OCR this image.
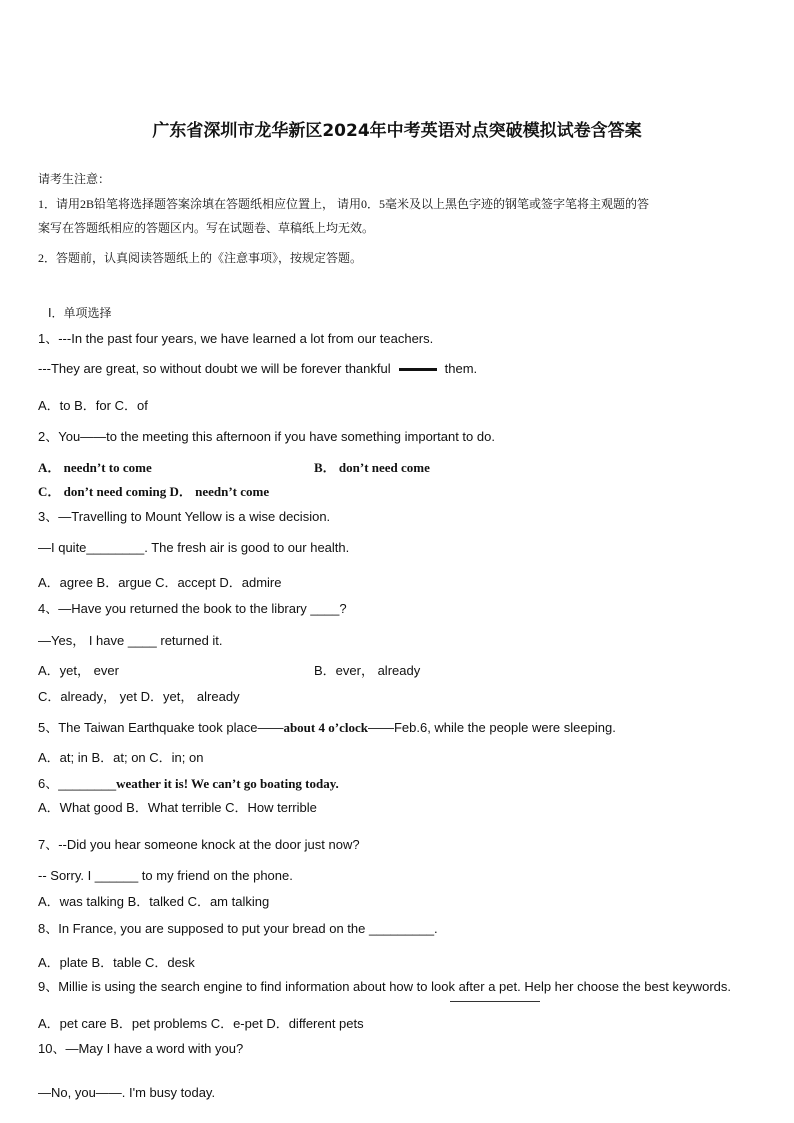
广东省深圳市龙华新区2024年中考英语对点突破模拟试卷含答案
请考生注意：
1．请用2B铅笔将选择题答案涂填在答题纸相应位置上， 请用0．5毫米及以上黑色字迹的钢笔或签字笔将主观题的答
案写在答题纸相应的答题区内。写在试题卷、草稿纸上均无效。
2．答题前，认真阅读答题纸上的《注意事项》，按规定答题。
Ⅰ．单项选择
1、---In the past four years, we have learned a lot from our teachers.
---They are great, so without doubt we will be forever thankful	them.
A．to B．for C．of
2、You——to the meeting this afternoon if you have something important to do.
A． needn’t to come	B． don’t need come
C． don’t need coming D． needn’t come
3、—Travelling to Mount Yellow is a wise decision.
—I quite________. The fresh air is good to our health.
A．agree B．argue C．accept D．admire
4、—Have you returned the book to the library ____?
—Yes， I have ____ returned it.
A．yet， ever	B．ever， already
C．already， yet D．yet， already
5、The Taiwan Earthquake took place——about 4 o’clock——Feb.6, while the people were sleeping.
A．at; in B．at; on C．in; on
6、________weather it is! We can’t go boating today.
A．What good B．What terrible C．How terrible
7、--Did you hear someone knock at the door just now?
-- Sorry. I ______ to my friend on the phone.
A．was talking B．talked C．am talking
8、In France, you are supposed to put your bread on the _________.
A．plate B．table C．desk
9、Millie is using the search engine to find information about how to look after a pet. Help her choose the best keywords.
A．pet care B．pet problems C．e-pet D．different pets
10、—May I have a word with you?
—No, you——. I'm busy today.
